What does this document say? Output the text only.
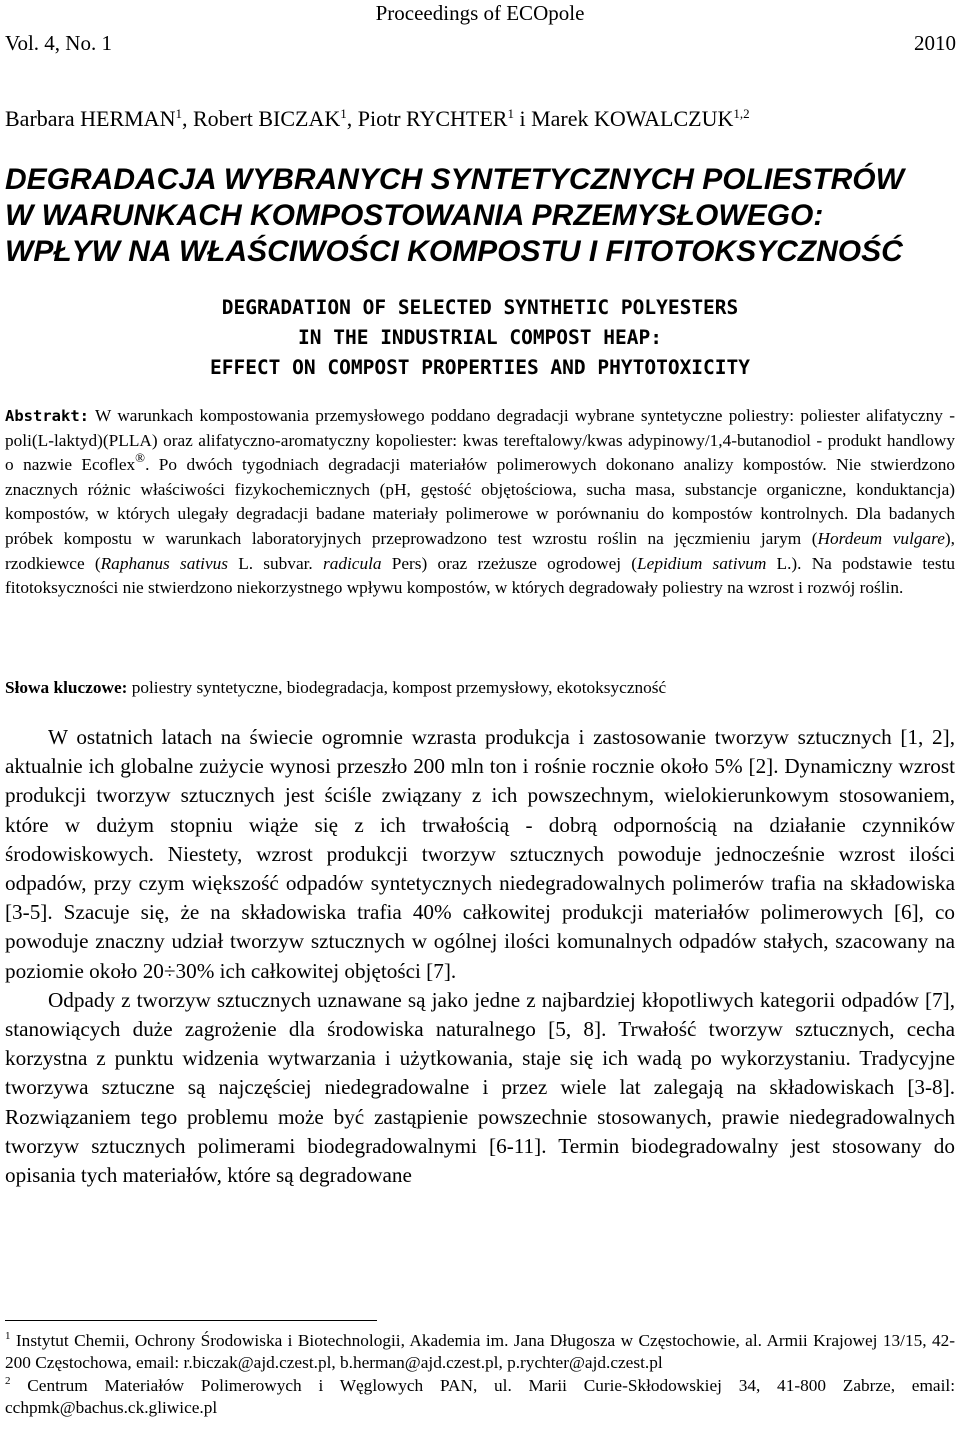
Proceedings of ECOpole
Vol. 4, No. 1	2010
Barbara HERMAN$^1$, Robert BICZAK$^1$, Piotr RYCHTER$^1$ i Marek KOWALCZUK$^{1,2}$
DEGRADACJA WYBRANYCH SYNTETYCZNYCH POLIESTRÓW
W WARUNKACH KOMPOSTOWANIA PRZEMYSŁOWEGO:
WPŁYW NA WŁAŚCIWOŚCI KOMPOSTU I FITOTOKSYCZNOŚĆ
DEGRADATION OF SELECTED SYNTHETIC POLYESTERS
IN THE INDUSTRIAL COMPOST HEAP:
EFFECT ON COMPOST PROPERTIES AND PHYTOTOXICITY

Abstrakt: W warunkach kompostowania przemysłowego poddano degradacji wybrane syntetyczne poliestry: poliester alifatyczny - poli(L-laktyd)(PLLA) oraz alifatyczno-aromatyczny kopoliester: kwas tereftalowy/kwas adypinowy/1,4-butanodiol - produkt handlowy o nazwie Ecoflex®. Po dwóch tygodniach degradacji materiałów polimerowych dokonano analizy kompostów. Nie stwierdzono znacznych różnic właściwości fizykochemicznych (pH, gęstość objętościowa, sucha masa, substancje organiczne, konduktancja) kompostów, w których ulegały degradacji badane materiały polimerowe w porównaniu do kompostów kontrolnych. Dla badanych próbek kompostu w warunkach laboratoryjnych przeprowadzono test wzrostu roślin na jęczmieniu jarym (Hordeum vulgare), rzodkiewce (Raphanus sativus L. subvar. radicula Pers) oraz rzeżusze ogrodowej (Lepidium sativum L.). Na podstawie testu fitotoksyczności nie stwierdzono niekorzystnego wpływu kompostów, w których degradowały poliestry na wzrost i rozwój roślin.

Słowa kluczowe: poliestry syntetyczne, biodegradacja, kompost przemysłowy, ekotoksyczność

W ostatnich latach na świecie ogromnie wzrasta produkcja i zastosowanie tworzyw sztucznych [1, 2], aktualnie ich globalne zużycie wynosi przeszło 200 mln ton i rośnie rocznie około 5% [2]. Dynamiczny wzrost produkcji tworzyw sztucznych jest ściśle związany z ich powszechnym, wielokierunkowym stosowaniem, które w dużym stopniu wiąże się z ich trwałością - dobrą odpornością na działanie czynników środowiskowych. Niestety, wzrost produkcji tworzyw sztucznych powoduje jednocześnie wzrost ilości odpadów, przy czym większość odpadów syntetycznych niedegradowalnych polimerów trafia na składowiska [3-5]. Szacuje się, że na składowiska trafia 40% całkowitej produkcji materiałów polimerowych [6], co powoduje znaczny udział tworzyw sztucznych w ogólnej ilości komunalnych odpadów stałych, szacowany na poziomie około 20÷30% ich całkowitej objętości [7].

Odpady z tworzyw sztucznych uznawane są jako jedne z najbardziej kłopotliwych kategorii odpadów [7], stanowiących duże zagrożenie dla środowiska naturalnego [5, 8]. Trwałość tworzyw sztucznych, cecha korzystna z punktu widzenia wytwarzania i użytkowania, staje się ich wadą po wykorzystaniu. Tradycyjne tworzywa sztuczne są najczęściej niedegradowalne i przez wiele lat zalegają na składowiskach [3-8]. Rozwiązaniem tego problemu może być zastąpienie powszechnie stosowanych, prawie niedegradowalnych tworzyw sztucznych polimerami biodegradowalnymi [6-11]. Termin biodegradowalny jest stosowany do opisania tych materiałów, które są degradowane

$^1$ Instytut Chemii, Ochrony Środowiska i Biotechnologii, Akademia im. Jana Długosza w Częstochowie, al. Armii Krajowej 13/15, 42-200 Częstochowa, email: r.biczak@ajd.czest.pl, b.herman@ajd.czest.pl, p.rychter@ajd.czest.pl

$^2$ Centrum Materiałów Polimerowych i Węglowych PAN, ul. Marii Curie-Skłodowskiej 34, 41-800 Zabrze, email: cchpmk@bachus.ck.gliwice.pl
